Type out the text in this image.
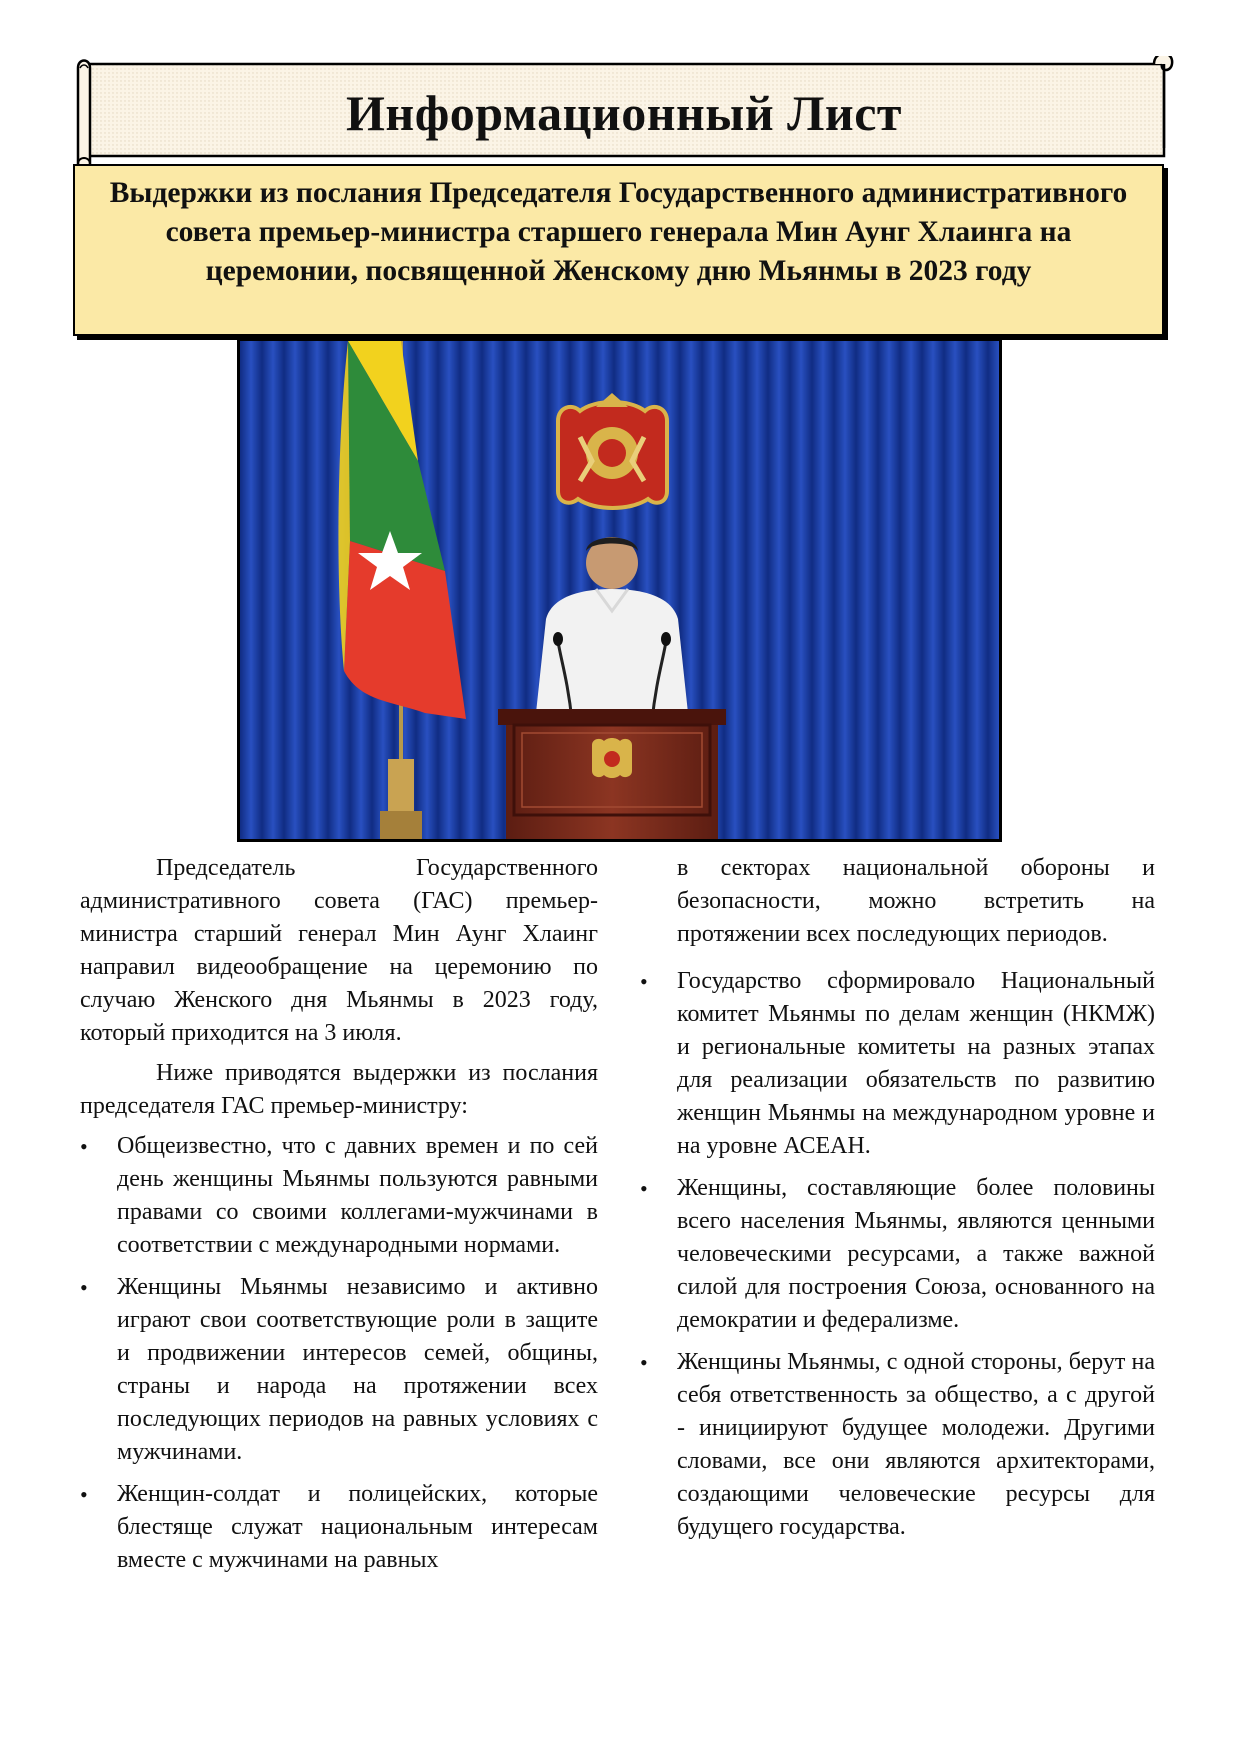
Информационный Лист

Выдержки из послания Председателя Государственного административного совета премьер-министра старшего генерала Мин Аунг Хлаинга на церемонии, посвященной Женскому дню Мьянмы в 2023 году

Председатель Государственного административного совета (ГАС) премьер-министра старший генерал Мин Аунг Хлаинг направил видеообращение на церемонию по случаю Женского дня Мьянмы в 2023 году, который приходится на 3 июля.

Ниже приводятся выдержки из послания председателя ГАС премьер-министру:

• Общеизвестно, что с давних времен и по сей день женщины Мьянмы пользуются равными правами со своими коллегами-мужчинами в соответствии с международными нормами.
• Женщины Мьянмы независимо и активно играют свои соответствующие роли в защите и продвижении интересов семей, общины, страны и народа на протяжении всех последующих периодов на равных условиях с мужчинами.
• Женщин-солдат и полицейских, которые блестяще служат национальным интересам вместе с мужчинами на равных

в секторах национальной обороны и безопасности, можно встретить на протяжении всех последующих периодов.

• Государство сформировало Национальный комитет Мьянмы по делам женщин (НКМЖ) и региональные комитеты на разных этапах для реализации обязательств по развитию женщин Мьянмы на международном уровне и на уровне АСЕАН.
• Женщины, составляющие более половины всего населения Мьянмы, являются ценными человеческими ресурсами, а также важной силой для построения Союза, основанного на демократии и федерализме.
• Женщины Мьянмы, с одной стороны, берут на себя ответственность за общество, а с другой - инициируют будущее молодежи. Другими словами, все они являются архитекторами, создающими человеческие ресурсы для будущего государства.
